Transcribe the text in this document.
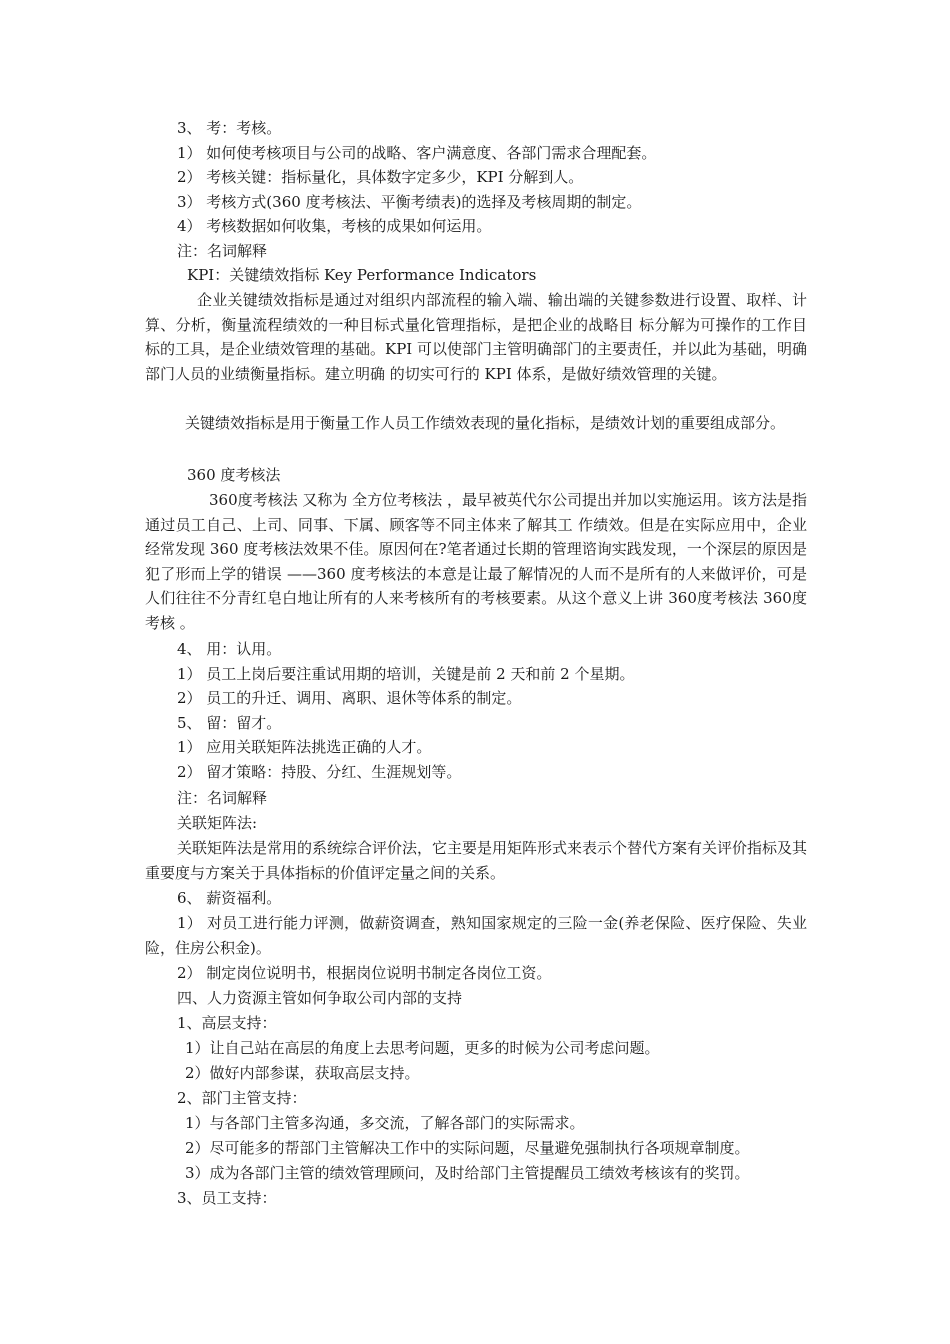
3、 考：考核。
1） 如何使考核项目与公司的战略、客户满意度、各部门需求合理配套。
2） 考核关键：指标量化，具体数字定多少，KPI 分解到人。
3） 考核方式(360 度考核法、平衡考绩表)的选择及考核周期的制定。
4） 考核数据如何收集，考核的成果如何运用。
注：名词解释
KPI：关键绩效指标 Key Performance Indicators
企业关键绩效指标是通过对组织内部流程的输入端、输出端的关键参数进行设置、取样、计算、分析，衡量流程绩效的一种目标式量化管理指标，是把企业的战略目 标分解为可操作的工作目标的工具，是企业绩效管理的基础。KPI 可以使部门主管明确部门的主要责任，并以此为基础，明确部门人员的业绩衡量指标。建立明确 的切实可行的 KPI 体系，是做好绩效管理的关键。
关键绩效指标是用于衡量工作人员工作绩效表现的量化指标，是绩效计划的重要组成部分。
360 度考核法
360度考核法 又称为 全方位考核法 ，最早被英代尔公司提出并加以实施运用。该方法是指通过员工自己、上司、同事、下属、顾客等不同主体来了解其工 作绩效。但是在实际应用中，企业经常发现 360 度考核法效果不佳。原因何在?笔者通过长期的管理谘询实践发现，一个深层的原因是犯了形而上学的错误 ——360 度考核法的本意是让最了解情况的人而不是所有的人来做评价，可是人们往往不分青红皂白地让所有的人来考核所有的考核要素。从这个意义上讲 360度考核法 360度考核 。
4、 用：认用。
1） 员工上岗后要注重试用期的培训，关键是前 2 天和前 2 个星期。
2） 员工的升迁、调用、离职、退休等体系的制定。
5、 留：留才。
1） 应用关联矩阵法挑选正确的人才。
2） 留才策略：持股、分红、生涯规划等。
注：名词解释
关联矩阵法:
关联矩阵法是常用的系统综合评价法，它主要是用矩阵形式来表示个替代方案有关评价指标及其重要度与方案关于具体指标的价值评定量之间的关系。
6、 薪资福利。
1） 对员工进行能力评测，做薪资调查，熟知国家规定的三险一金(养老保险、医疗保险、失业险，住房公积金)。
2） 制定岗位说明书，根据岗位说明书制定各岗位工资。
四、人力资源主管如何争取公司内部的支持
1、高层支持：
1）让自己站在高层的角度上去思考问题，更多的时候为公司考虑问题。
2）做好内部参谋，获取高层支持。
2、部门主管支持：
1）与各部门主管多沟通，多交流，了解各部门的实际需求。
2）尽可能多的帮部门主管解决工作中的实际问题，尽量避免强制执行各项规章制度。
3）成为各部门主管的绩效管理顾问，及时给部门主管提醒员工绩效考核该有的奖罚。
3、员工支持：
